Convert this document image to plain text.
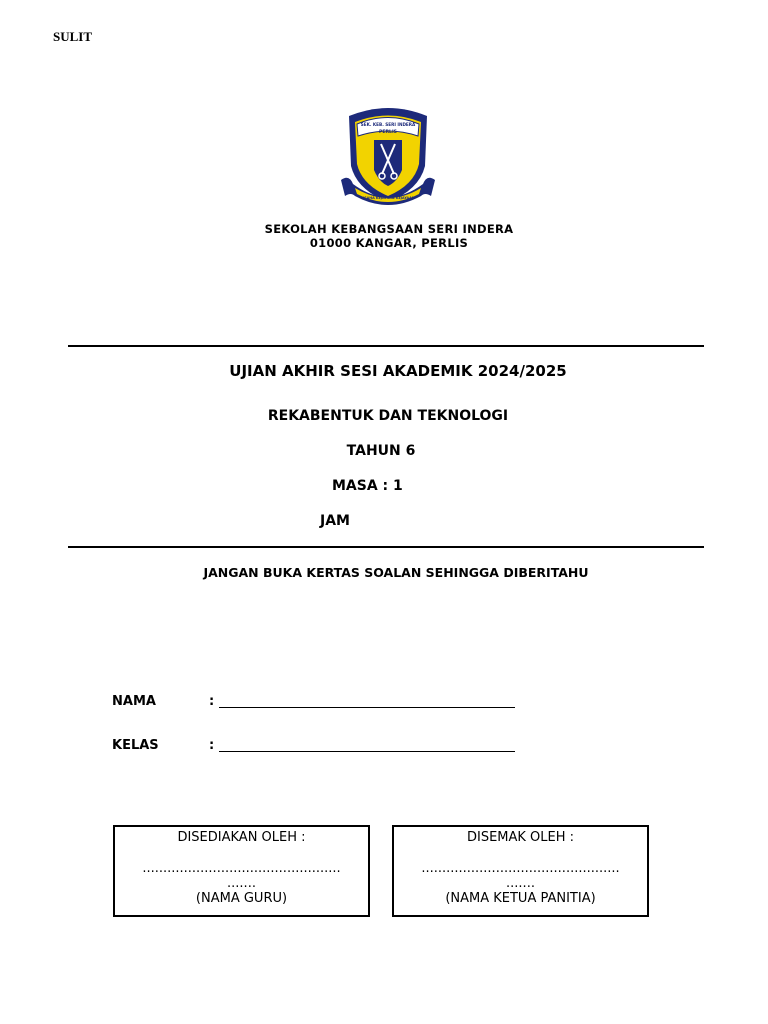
SULIT
SEK. KEB. SERI INDERA
PERLIS
USAHA KEJAYAAN KEJAYAAN
SEKOLAH KEBANGSAAN SERI INDERA
01000 KANGAR, PERLIS
UJIAN AKHIR SESI AKADEMIK 2024/2025
REKABENTUK DAN TEKNOLOGI
TAHUN 6
MASA : 1
JAM
JANGAN BUKA KERTAS SOALAN SEHINGGA DIBERITAHU
NAMA	:
KELAS	:
DISEDIAKAN OLEH :
................................................
.......
(NAMA GURU)
DISEMAK OLEH :
................................................
.......
(NAMA KETUA PANITIA)
